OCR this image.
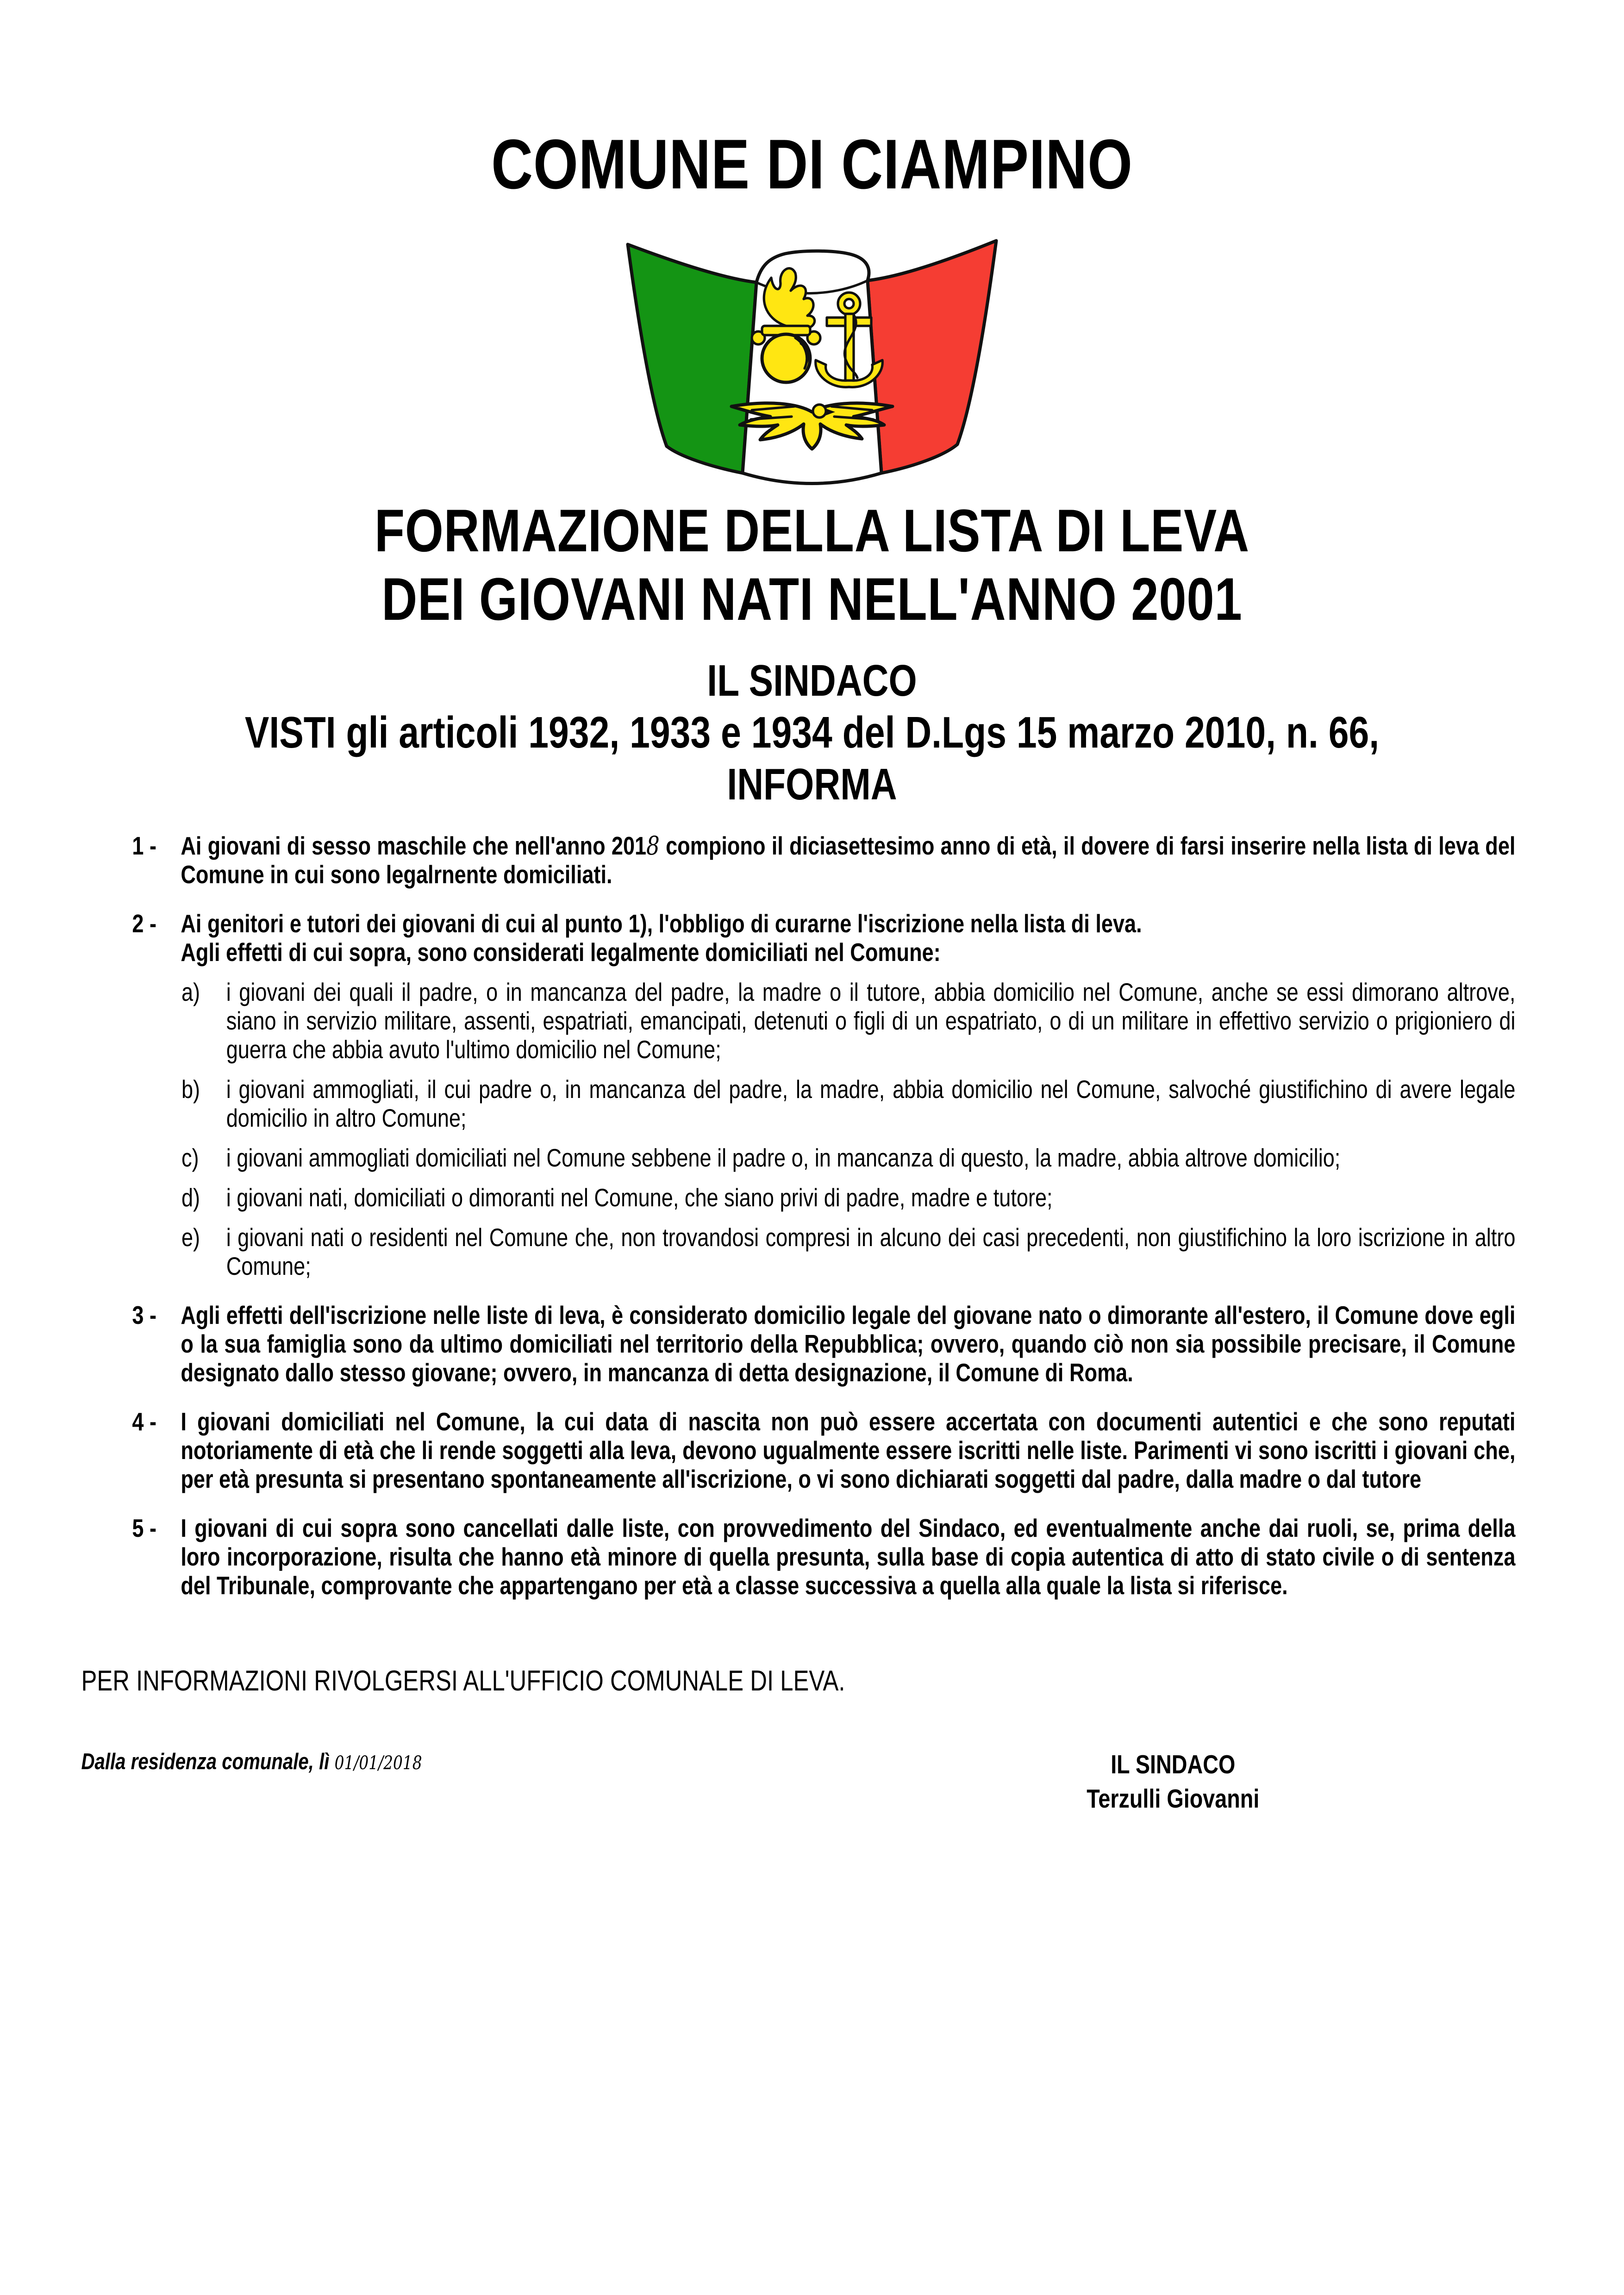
COMUNE DI CIAMPINO
FORMAZIONE DELLA LISTA DI LEVA
DEI GIOVANI NATI NELL'ANNO 2001
IL SINDACO
VISTI gli articoli 1932, 1933 e 1934 del D.Lgs 15 marzo 2010, n. 66,
INFORMA
1 - Ai giovani di sesso maschile che nell'anno 2018 compiono il diciasettesimo anno di età, il dovere di farsi inserire nella lista di leva del Comune in cui sono legalrnente domiciliati.

2 - Ai genitori e tutori dei giovani di cui al punto 1), l'obbligo di curarne l'iscrizione nella lista di leva.

Agli effetti di cui sopra, sono considerati legalmente domiciliati nel Comune:

a) i giovani dei quali il padre, o in mancanza del padre, la madre o il tutore, abbia domicilio nel Comune, anche se essi dimorano altrove, siano in servizio militare, assenti, espatriati, emancipati, detenuti o figli di un espatriato, o di un militare in effettivo servizio o prigioniero di guerra che abbia avuto l'ultimo domicilio nel Comune;

b) i giovani ammogliati, il cui padre o, in mancanza del padre, la madre, abbia domicilio nel Comune, salvoché giustifichino di avere legale domicilio in altro Comune;

c) i giovani ammogliati domiciliati nel Comune sebbene il padre o, in mancanza di questo, la madre, abbia altrove domicilio;

d) i giovani nati, domiciliati o dimoranti nel Comune, che siano privi di padre, madre e tutore;

e) i giovani nati o residenti nel Comune che, non trovandosi compresi in alcuno dei casi precedenti, non giustifichino la loro iscrizione in altro Comune;

3 - Agli effetti dell'iscrizione nelle liste di leva, è considerato domicilio legale del giovane nato o dimorante all'estero, il Comune dove egli o la sua famiglia sono da ultimo domiciliati nel territorio della Repubblica; ovvero, quando ciò non sia possibile precisare, il Comune designato dallo stesso giovane; ovvero, in mancanza di detta designazione, il Comune di Roma.

4 - I giovani domiciliati nel Comune, la cui data di nascita non può essere accertata con documenti autentici e che sono reputati notoriamente di età che li rende soggetti alla leva, devono ugualmente essere iscritti nelle liste. Parimenti vi sono iscritti i giovani che, per età presunta si presentano spontaneamente all'iscrizione, o vi sono dichiarati soggetti dal padre, dalla madre o dal tutore

5 - I giovani di cui sopra sono cancellati dalle liste, con provvedimento del Sindaco, ed eventualmente anche dai ruoli, se, prima della loro incorporazione, risulta che hanno età minore di quella presunta, sulla base di copia autentica di atto di stato civile o di sentenza del Tribunale, comprovante che appartengano per età a classe successiva a quella alla quale la lista si riferisce.

PER INFORMAZIONI RIVOLGERSI ALL'UFFICIO COMUNALE DI LEVA.

Dalla residenza comunale, lì 01/01/2018	IL SINDACO
Terzulli Giovanni
